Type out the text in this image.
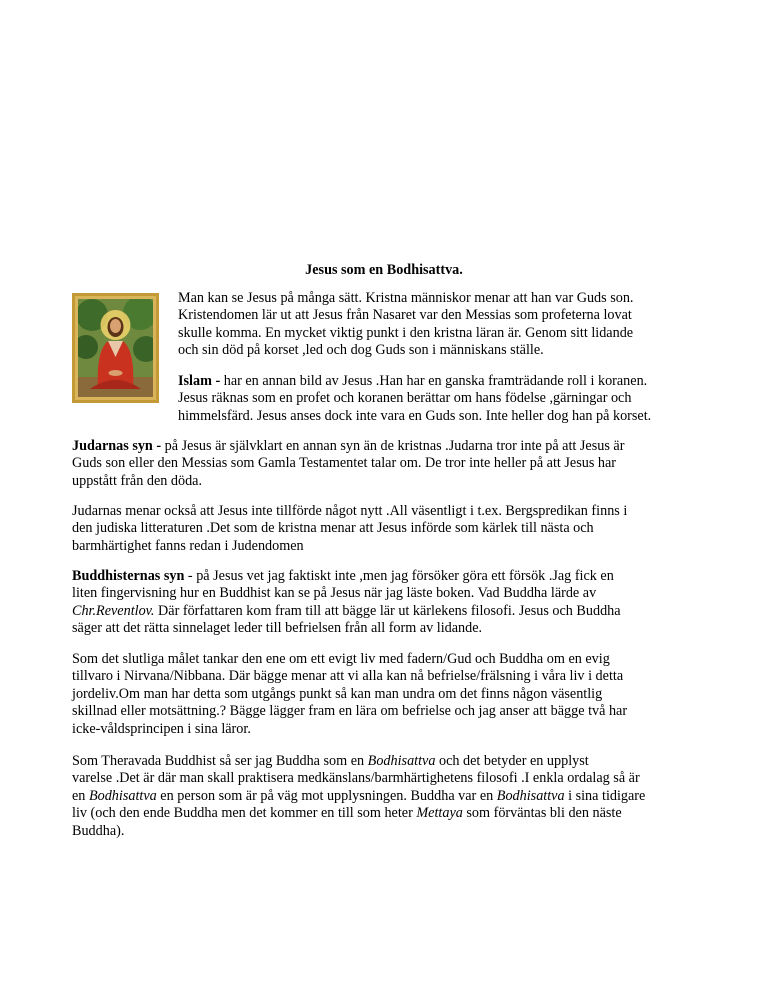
Jesus som en Bodhisattva.

Man kan se Jesus på många sätt. Kristna människor menar att han var Guds son.
Kristendomen lär ut att Jesus från Nasaret var den Messias som profeterna lovat
skulle komma. En mycket viktig punkt i den kristna läran är. Genom sitt lidande
och sin död på korset ,led och dog Guds son i människans ställe.

Islam - har en annan bild av Jesus .Han har en ganska framträdande roll i koranen.
Jesus räknas som en profet och koranen berättar om hans födelse ,gärningar och
himmelsfärd. Jesus anses dock inte vara en Guds son. Inte heller dog han på korset.

Judarnas syn - på Jesus är självklart en annan syn än de kristnas .Judarna tror inte på att Jesus är
Guds son eller den Messias som Gamla Testamentet talar om. De tror inte heller på att Jesus har
uppstått från den döda.

Judarnas menar också att Jesus inte tillförde något nytt .All väsentligt i t.ex. Bergspredikan finns i
den judiska litteraturen .Det som de kristna menar att Jesus införde som kärlek till nästa och
barmhärtighet fanns redan i Judendomen

Buddhisternas syn - på Jesus vet jag faktiskt inte ,men jag försöker göra ett försök .Jag fick en
liten fingervisning hur en Buddhist kan se på Jesus när jag läste boken. Vad Buddha lärde av
Chr.Reventlov. Där författaren kom fram till att bägge lär ut kärlekens filosofi. Jesus och Buddha
säger att det rätta sinnelaget leder till befrielsen från all form av lidande.

Som det slutliga målet tankar den ene om ett evigt liv med fadern/Gud och Buddha om en evig
tillvaro i Nirvana/Nibbana. Där bägge menar att vi alla kan nå befrielse/frälsning i våra liv i detta
jordeliv.Om man har detta som utgångs punkt så kan man undra om det finns någon väsentlig
skillnad eller motsättning.? Bägge lägger fram en lära om befrielse och jag anser att bägge två har
icke-våldsprincipen i sina läror.

Som Theravada Buddhist så ser jag Buddha som en Bodhisattva och det betyder en upplyst
varelse .Det är där man skall praktisera medkänslans/barmhärtighetens filosofi .I enkla ordalag så är
en Bodhisattva en person som är på väg mot upplysningen. Buddha var en Bodhisattva i sina tidigare
liv (och den ende Buddha men det kommer en till som heter Mettaya som förväntas bli den näste
Buddha).
